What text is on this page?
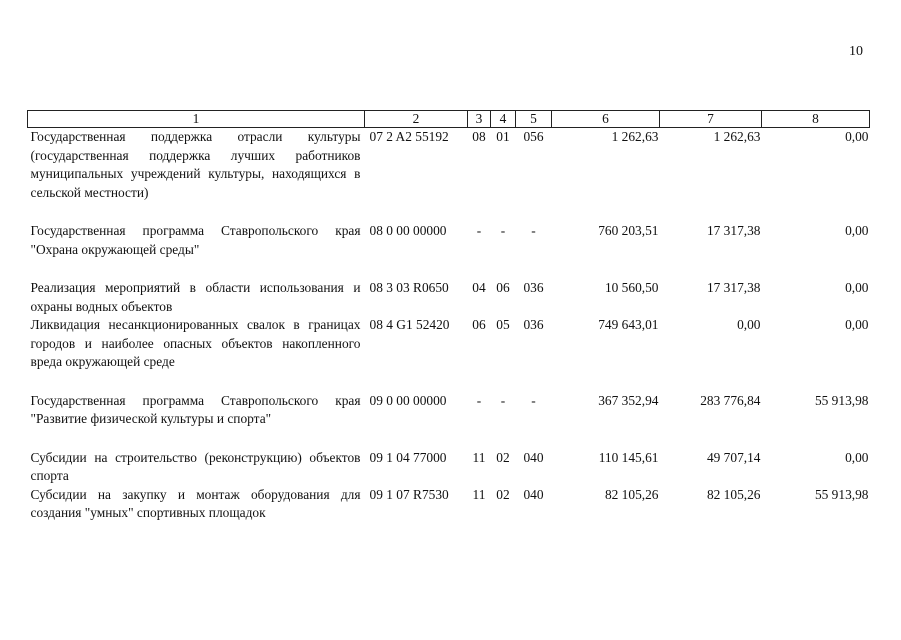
10
1	2	3	4	5	6	7	8
Государственная поддержка отрасли культуры (государственная поддержка лучших работников муниципальных учреждений культуры, находящихся в сельской местности)	07 2 A2 55192	08	01	056	1 262,63	1 262,63	0,00

Государственная программа Ставропольского края "Охрана окружающей среды"	08 0 00 00000	-	-	-	760 203,51	17 317,38	0,00

Реализация мероприятий в области использования и охраны водных объектов	08 3 03 R0650	04	06	036	10 560,50	17 317,38	0,00
Ликвидация несанкционированных свалок в границах городов и наиболее опасных объектов накопленного вреда окружающей среде	08 4 G1 52420	06	05	036	749 643,01	0,00	0,00

Государственная программа Ставропольского края "Развитие физической культуры и спорта"	09 0 00 00000	-	-	-	367 352,94	283 776,84	55 913,98

Субсидии на строительство (реконструкцию) объектов спорта	09 1 04 77000	11	02	040	110 145,61	49 707,14	0,00
Субсидии на закупку и монтаж оборудования для создания "умных" спортивных площадок	09 1 07 R7530	11	02	040	82 105,26	82 105,26	55 913,98
